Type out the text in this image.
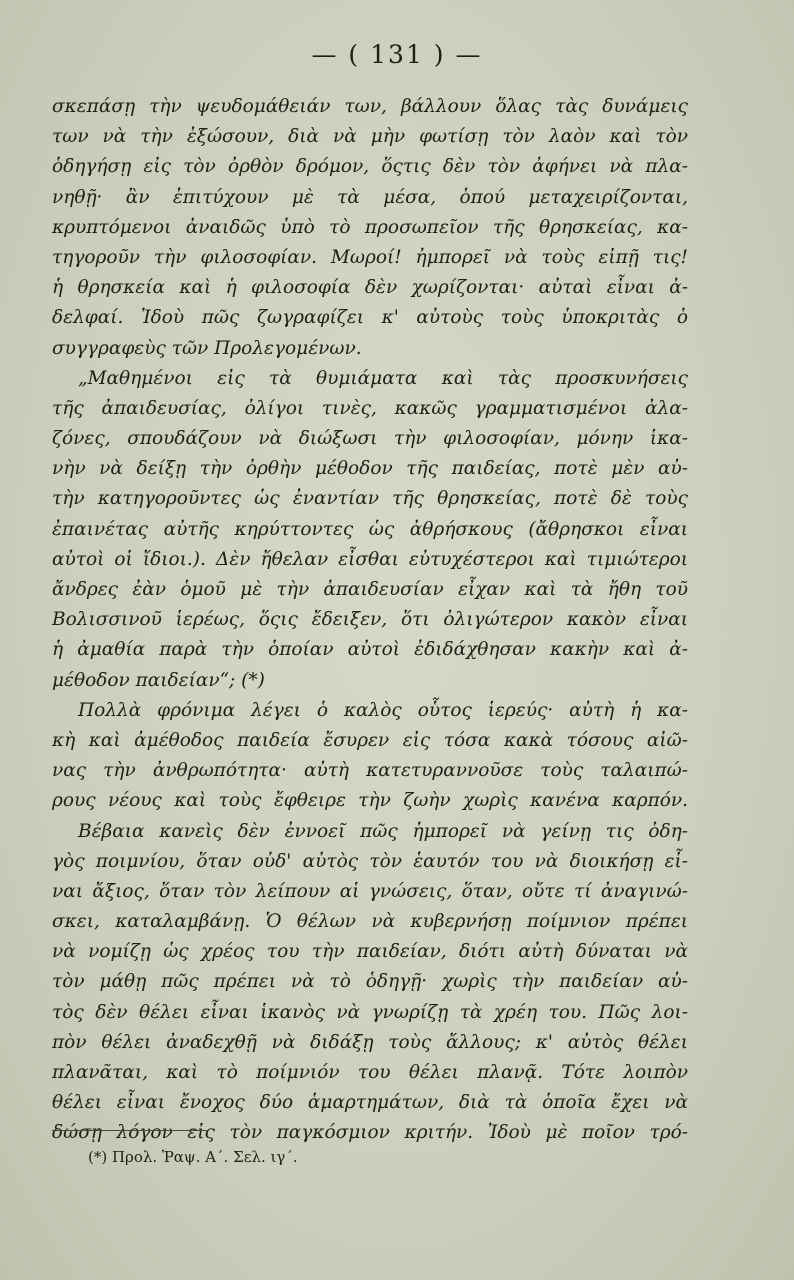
— ( 131 ) —
σκεπάσῃ τὴν ψευδομάθειάν των, βάλλουν ὅλας τὰς δυνάμεις
των νὰ τὴν ἐξώσουν, διὰ νὰ μὴν φωτίσῃ τὸν λαὸν καὶ τὸν
ὁδηγήσῃ εἰς τὸν ὀρθὸν δρόμον, ὅςτις δὲν τὸν ἀφήνει νὰ πλα-
νηθῇ· ἂν ἐπιτύχουν μὲ τὰ μέσα, ὁπού μεταχειρίζονται,
κρυπτόμενοι ἀναιδῶς ὑπὸ τὸ προσωπεῖον τῆς θρησκείας, κα-
τηγοροῦν τὴν φιλοσοφίαν. Μωροί! ἠμπορεῖ νὰ τοὺς εἰπῇ τις!
ἡ θρησκεία καὶ ἡ φιλοσοφία δὲν χωρίζονται· αὐταὶ εἶναι ἀ-
δελφαί. Ἰδοὺ πῶς ζωγραφίζει κ' αὐτοὺς τοὺς ὑποκριτὰς ὁ
συγγραφεὺς τῶν Προλεγομένων.
„Μαθημένοι εἰς τὰ θυμιάματα καὶ τὰς προσκυνήσεις
τῆς ἀπαιδευσίας, ὀλίγοι τινὲς, κακῶς γραμματισμένοι ἀλα-
ζόνες, σπουδάζουν νὰ διώξωσι τὴν φιλοσοφίαν, μόνην ἱκα-
νὴν νὰ δείξῃ τὴν ὀρθὴν μέθοδον τῆς παιδείας, ποτὲ μὲν αὐ-
τὴν κατηγοροῦντες ὡς ἐναντίαν τῆς θρησκείας, ποτὲ δὲ τοὺς
ἐπαινέτας αὐτῆς κηρύττοντες ὡς ἀθρήσκους (ἄθρησκοι εἶναι
αὐτοὶ οἱ ἴδιοι.). Δὲν ἤθελαν εἶσθαι εὐτυχέστεροι καὶ τιμιώτεροι
ἄνδρες ἐὰν ὁμοῦ μὲ τὴν ἀπαιδευσίαν εἶχαν καὶ τὰ ἤθη τοῦ
Βολισσινοῦ ἱερέως, ὅςις ἔδειξεν, ὅτι ὀλιγώτερον κακὸν εἶναι
ἡ ἀμαθία παρὰ τὴν ὁποίαν αὐτοὶ ἐδιδάχθησαν κακὴν καὶ ἀ-
μέθοδον παιδείαν“; (*)
Πολλὰ φρόνιμα λέγει ὁ καλὸς οὗτος ἱερεύς· αὐτὴ ἡ κα-
κὴ καὶ ἀμέθοδος παιδεία ἔσυρεν εἰς τόσα κακὰ τόσους αἰῶ-
νας τὴν ἀνθρωπότητα· αὐτὴ κατετυραννοῦσε τοὺς ταλαιπώ-
ρους νέους καὶ τοὺς ἔφθειρε τὴν ζωὴν χωρὶς κανένα καρπόν.
Βέβαια κανεὶς δὲν ἐννοεῖ πῶς ἠμπορεῖ νὰ γείνῃ τις ὁδη-
γὸς ποιμνίου, ὅταν οὐδ' αὐτὸς τὸν ἑαυτόν του νὰ διοικήσῃ εἶ-
ναι ἄξιος, ὅταν τὸν λείπουν αἱ γνώσεις, ὅταν, οὔτε τί ἀναγινώ-
σκει, καταλαμβάνῃ. Ὁ θέλων νὰ κυβερνήσῃ ποίμνιον πρέπει
νὰ νομίζῃ ὡς χρέος του τὴν παιδείαν, διότι αὐτὴ δύναται νὰ
τὸν μάθῃ πῶς πρέπει νὰ τὸ ὁδηγῇ· χωρὶς τὴν παιδείαν αὐ-
τὸς δὲν θέλει εἶναι ἱκανὸς νὰ γνωρίζῃ τὰ χρέη του. Πῶς λοι-
πὸν θέλει ἀναδεχθῇ νὰ διδάξῃ τοὺς ἄλλους; κ' αὐτὸς θέλει
πλανᾶται, καὶ τὸ ποίμνιόν του θέλει πλανᾷ. Τότε λοιπὸν
θέλει εἶναι ἔνοχος δύο ἁμαρτημάτων, διὰ τὰ ὁποῖα ἔχει νὰ
δώσῃ λόγον εἰς τὸν παγκόσμιον κριτήν. Ἰδοὺ μὲ ποῖον τρό-
(*) Προλ. Ῥαψ. Α΄. Σελ. ιγ΄.
